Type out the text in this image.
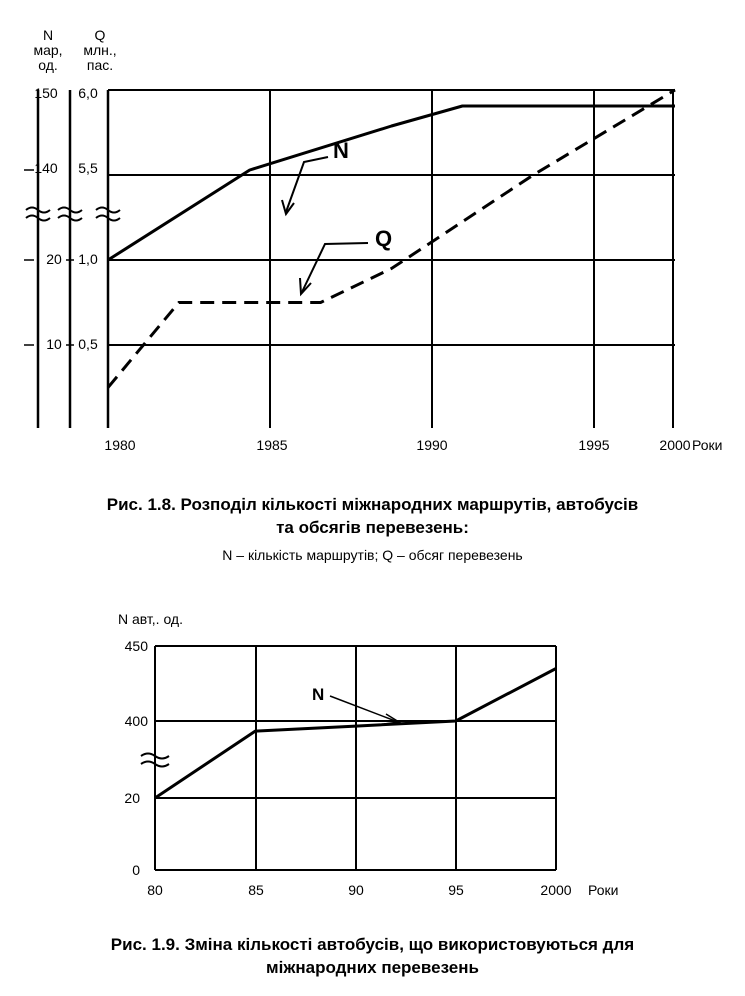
N
мар,
од.
Q
млн.,
пас.
150
140
20
10
6,0
5,5
1,0
0,5
1980	1985	1990	1995	2000 Роки
N
Q
Рис. 1.8. Розподіл кількості міжнародних маршрутів, автобусів
та обсягів перевезень:
N – кількість маршрутів; Q – обсяг перевезень
N авт,. од.
450
400
20
0
80	85	90	95	2000 Роки
N
Рис. 1.9. Зміна кількості автобусів, що використовуються для
міжнародних перевезень
